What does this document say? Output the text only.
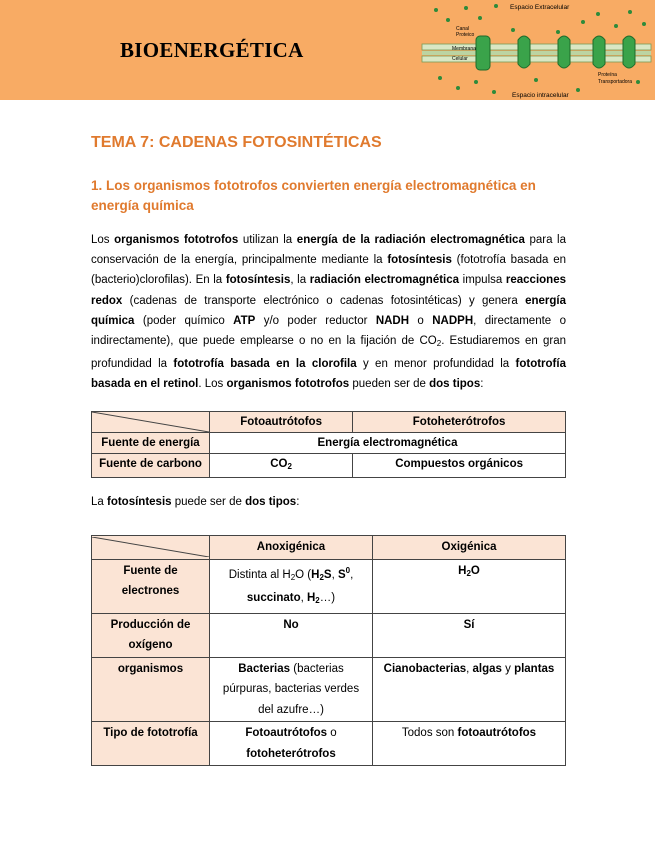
BIOENERGÉTICA
Espacio Extracelular
Espacio intracelular
Canal
Proteico
Membrana
Celular
Proteína
Transportadora
TEMA 7: CADENAS FOTOSINTÉTICAS
1. Los organismos fototrofos convierten energía electromagnética en energía química
Los organismos fototrofos utilizan la energía de la radiación electromagnética para la conservación de la energía, principalmente mediante la fotosíntesis (fototrofía basada en (bacterio)clorofilas). En la fotosíntesis, la radiación electromagnética impulsa reacciones redox (cadenas de transporte electrónico o cadenas fotosintéticas) y genera energía química (poder químico ATP y/o poder reductor NADH o NADPH, directamente o indirectamente), que puede emplearse o no en la fijación de $CO_2$. Estudiaremos en gran profundidad la fototrofía basada en la clorofila y en menor profundidad la fototrofía basada en el retinol. Los organismos fototrofos pueden ser de dos tipos:
	Fotoautrótofos	Fotoheterótrofos
Fuente de energía	Energía electromagnética	
Fuente de carbono	$CO_2$	Compuestos orgánicos
La fotosíntesis puede ser de dos tipos:
	Anoxigénica	Oxigénica
Fuente de electrones	Distinta al $H_2O$ ($H_2S$, $S^0$, succinato, $H_2\dots$)	$H_2O$
Producción de oxígeno	No	Sí
organismos	Bacterias (bacterias púrpuras, bacterias verdes del azufre…)	Cianobacterias, algas y plantas
Tipo de fototrofía	Fotoautrótofos o fotoheterótrofos	Todos son fotoautrótofos
